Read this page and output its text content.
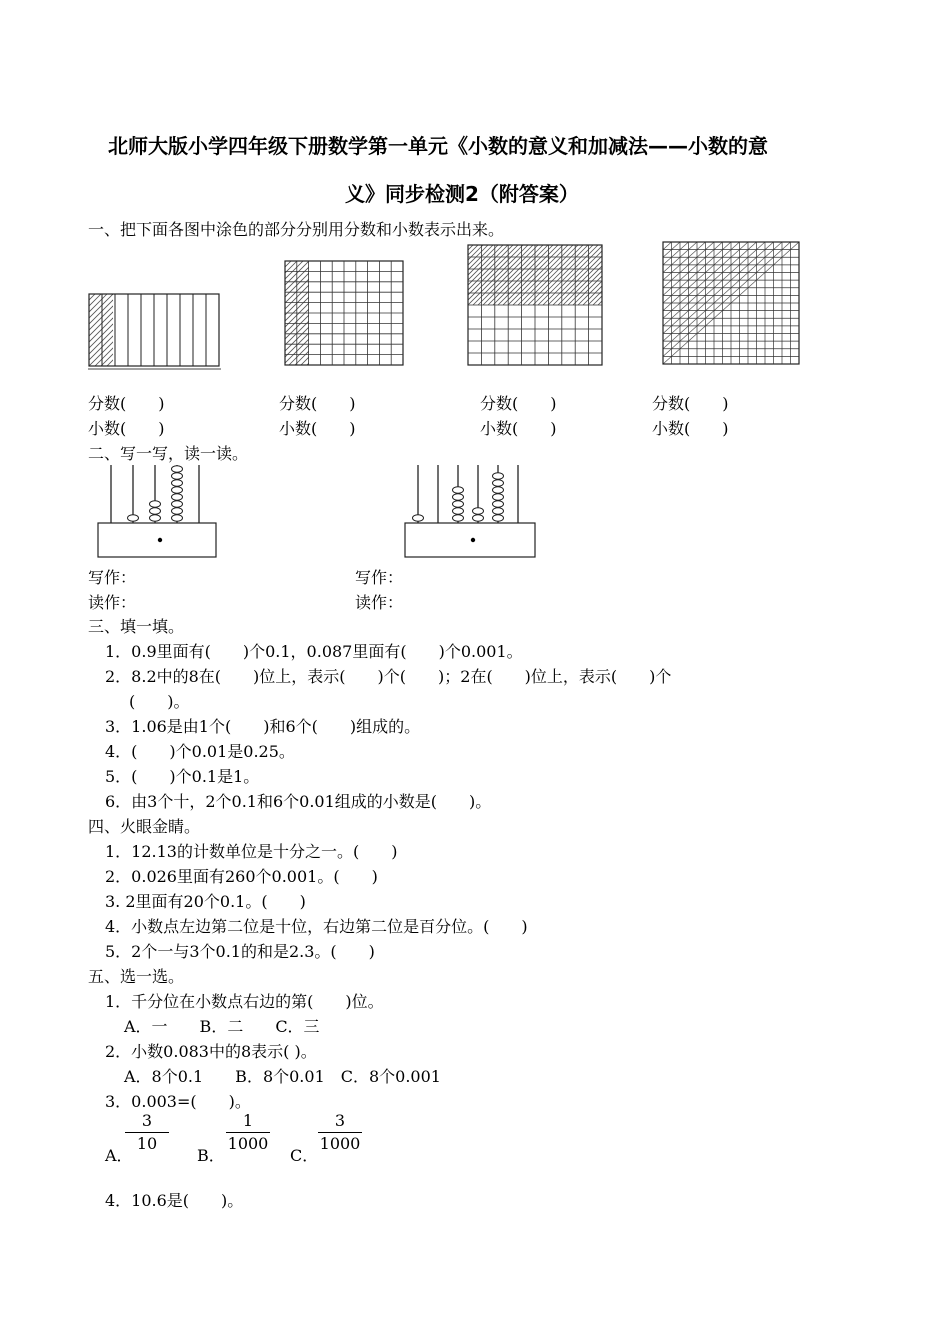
北师大版小学四年级下册数学第一单元《小数的意义和加减法——小数的意
义》同步检测2（附答案）
一、把下面各图中涂色的部分分别用分数和小数表示出来。
分数(　　)	分数(　　)	分数(　　)	分数(　　)
小数(　　)	小数(　　)	小数(　　)	小数(　　)
二、写一写，读一读。
写作：	写作：
读作：	读作：
三、填一填。
1．0.9里面有(　　)个0.1，0.087里面有(　　)个0.001。
2．8.2中的8在(　　)位上，表示(　　)个(　　)；2在(　　)位上，表示(　　)个
(　　)。
3．1.06是由1个(　　)和6个(　　)组成的。
4．(　　)个0.01是0.25。
5．(　　)个0.1是1。
6．由3个十，2个0.1和6个0.01组成的小数是(　　)。
四、火眼金睛。
1．12.13的计数单位是十分之一。(　　)
2．0.026里面有260个0.001。(　　)
3. 2里面有20个0.1。(　　)
4．小数点左边第二位是十位，右边第二位是百分位。(　　)
5．2个一与3个0.1的和是2.3。(　　)
五、选一选。
1．千分位在小数点右边的第(　　)位。
A．一　　B．二　　C．三
2．小数0.083中的8表示( )。
A．8个0.1　　B．8个0.01　C．8个0.001
3．0.003=(　　)。
A．
$\frac{3}{10}$
B．
$\frac{1}{1000}$
C．
$\frac{3}{1000}$
4．10.6是(　　)。
